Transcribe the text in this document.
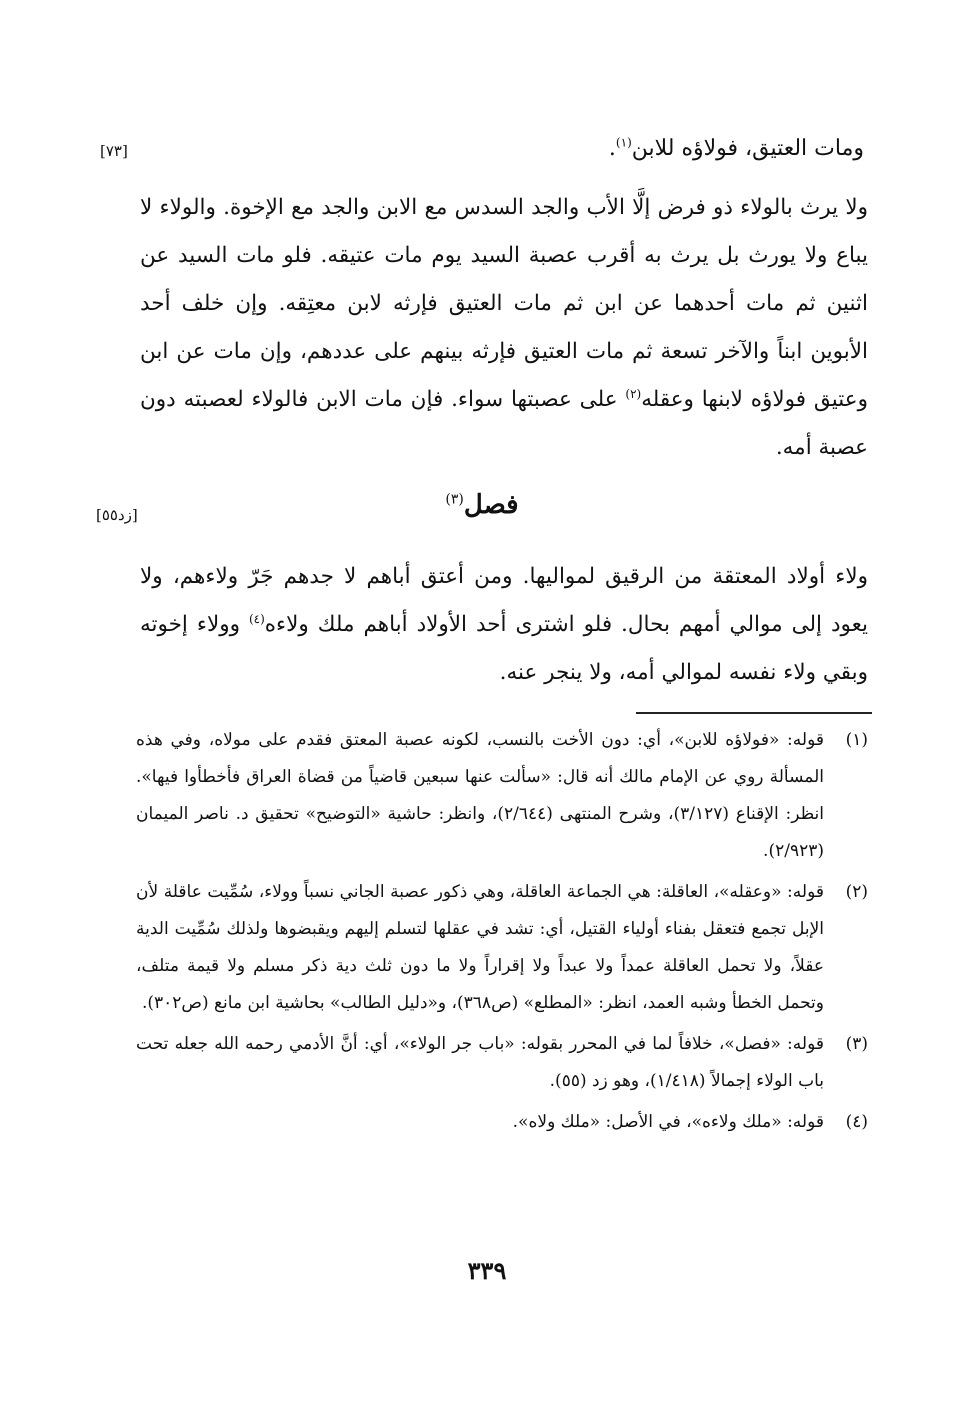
ومات العتيق، فولاؤه للابن$^{(١)}$.
[٧٣]
ولا يرث بالولاء ذو فرض إلَّا الأب والجد السدس مع الابن والجد مع الإخوة. والولاء لا يباع ولا يورث بل يرث به أقرب عصبة السيد يوم مات عتيقه. فلو مات السيد عن اثنين ثم مات أحدهما عن ابن ثم مات العتيق فإرثه لابن معتِقه. وإن خلف أحد الأبوين ابناً والآخر تسعة ثم مات العتيق فإرثه بينهم على عددهم، وإن مات عن ابن وعتيق فولاؤه لابنها وعقله$^{(٢)}$ على عصبتها سواء. فإن مات الابن فالولاء لعصبته دون عصبة أمه.
فصل$^{(٣)}$
[زد٥٥]
ولاء أولاد المعتقة من الرقيق لمواليها. ومن أعتق أباهم لا جدهم جَرّ ولاءهم، ولا يعود إلى موالي أمهم بحال. فلو اشترى أحد الأولاد أباهم ملك ولاءه$^{(٤)}$ وولاء إخوته وبقي ولاء نفسه لموالي أمه، ولا ينجر عنه.
(١)
قوله: «فولاؤه للابن»، أي: دون الأخت بالنسب، لكونه عصبة المعتق فقدم على مولاه، وفي هذه المسألة روي عن الإمام مالك أنه قال: «سألت عنها سبعين قاضياً من قضاة العراق فأخطأوا فيها». انظر: الإقناع (٣/١٢٧)، وشرح المنتهى (٢/٦٤٤)، وانظر: حاشية «التوضيح» تحقيق د. ناصر الميمان (٢/٩٢٣).
(٢)
قوله: «وعقله»، العاقلة: هي الجماعة العاقلة، وهي ذكور عصبة الجاني نسباً وولاء، سُمِّيت عاقلة لأن الإبل تجمع فتعقل بفناء أولياء القتيل، أي: تشد في عقلها لتسلم إليهم ويقبضوها ولذلك سُمِّيت الدية عقلاً، ولا تحمل العاقلة عمداً ولا عبداً ولا إقراراً ولا ما دون ثلث دية ذكر مسلم ولا قيمة متلف، وتحمل الخطأ وشبه العمد، انظر: «المطلع» (ص٣٦٨)، و«دليل الطالب» بحاشية ابن مانع (ص٣٠٢).
(٣)
قوله: «فصل»، خلافاً لما في المحرر بقوله: «باب جر الولاء»، أي: أنَّ الأدمي رحمه الله جعله تحت باب الولاء إجمالاً (١/٤١٨)، وهو زد (٥٥).
(٤)
قوله: «ملك ولاءه»، في الأصل: «ملك ولاه».
٣٣٩
